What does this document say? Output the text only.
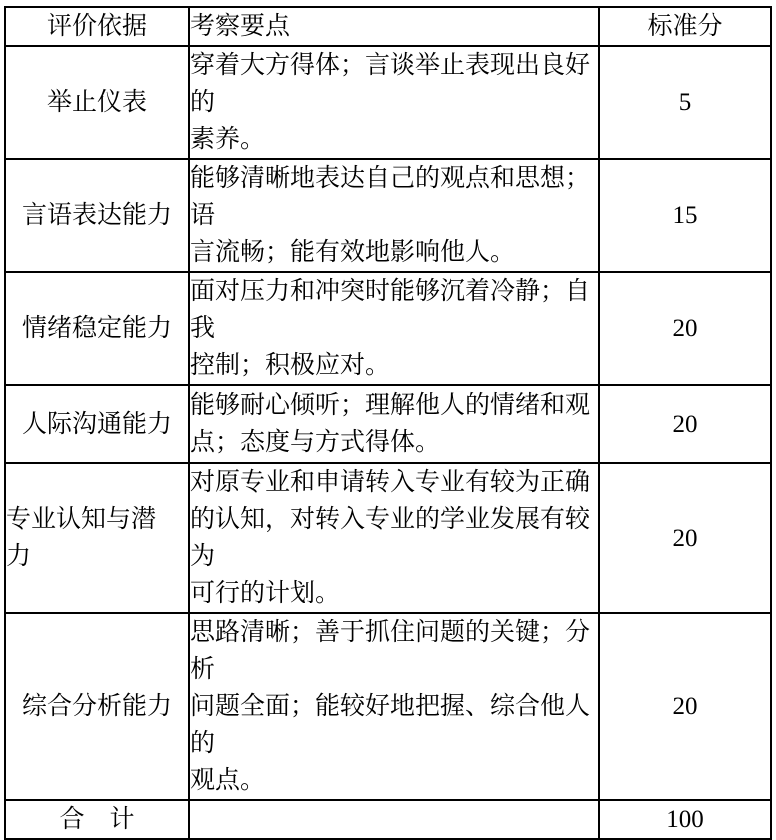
评价依据	考察要点	标准分
举止仪表	穿着大方得体；言谈举止表现出良好的
素养。	5
言语表达能力	能够清晰地表达自己的观点和思想；语
言流畅；能有效地影响他人。	15
情绪稳定能力	面对压力和冲突时能够沉着冷静；自我
控制；积极应对。	20
人际沟通能力	能够耐心倾听；理解他人的情绪和观
点；态度与方式得体。	20
专业认知与潜
力	对原专业和申请转入专业有较为正确
的认知，对转入专业的学业发展有较为
可行的计划。	20
综合分析能力	思路清晰；善于抓住问题的关键；分析
问题全面；能较好地把握、综合他人的
观点。	20
合　计		100
